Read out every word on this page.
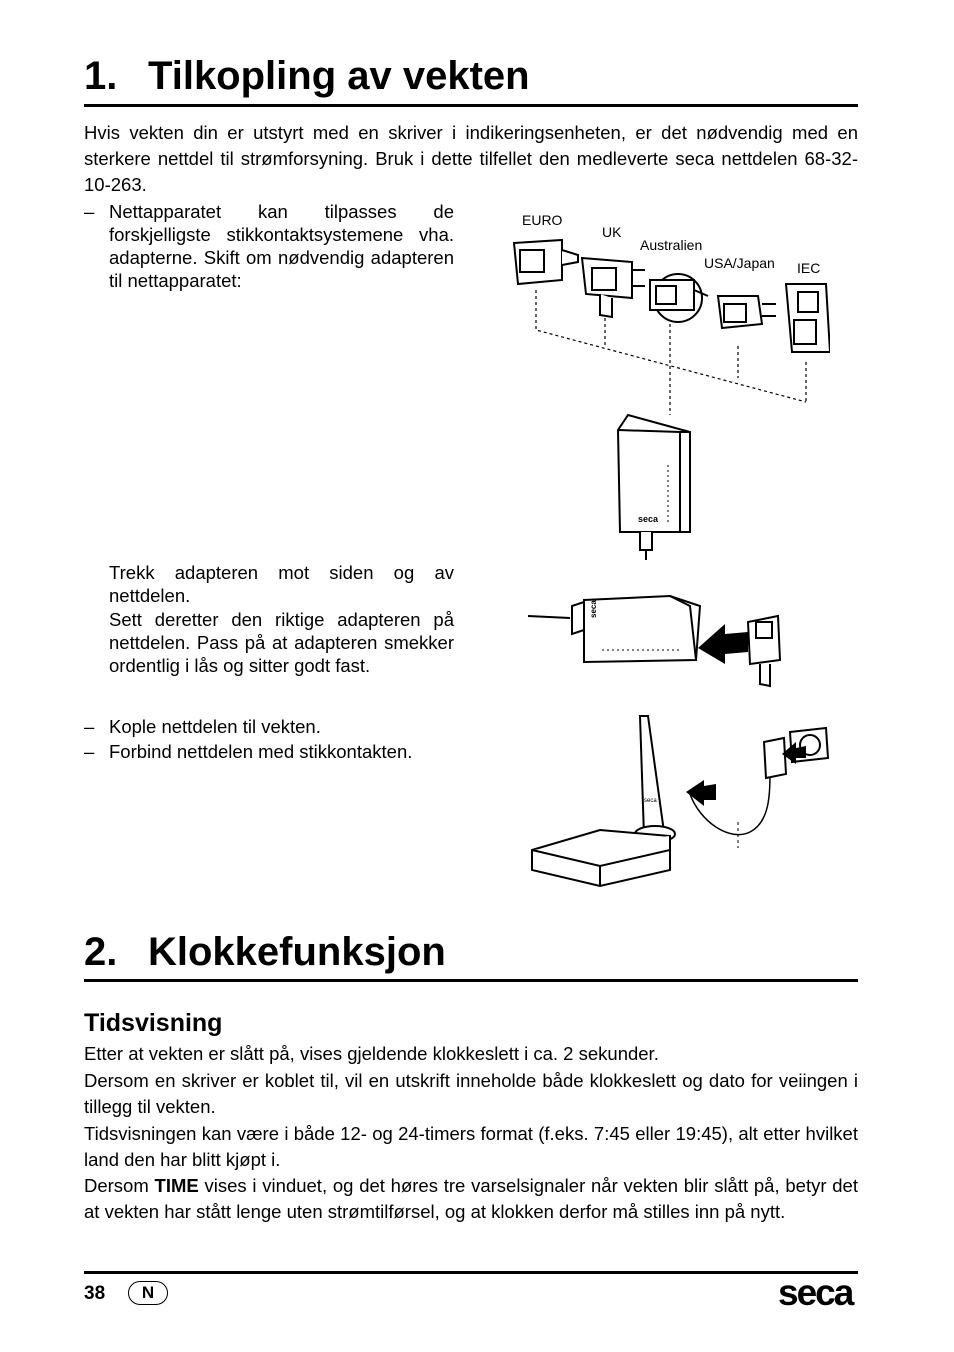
1. Tilkopling av vekten
Hvis vekten din er utstyrt med en skriver i indikeringsenheten, er det nødvendig med en sterkere nettdel til strømforsyning. Bruk i dette tilfellet den medleverte seca nettdelen 68-32-10-263.
– Nettapparatet kan tilpasses de forskjelligste stikkontaktsystemene vha. adapterne. Skift om nødvendig adapteren til nettapparatet:
Trekk adapteren mot siden og av nettdelen.
Sett deretter den riktige adapteren på nettdelen. Pass på at adapteren smekker ordentlig i lås og sitter godt fast.
– Kople nettdelen til vekten.
– Forbind nettdelen med stikkontakten.
EURO
UK
Australien
USA/Japan IEC
seca
seca
seca
2. Klokkefunksjon
Tidsvisning
Etter at vekten er slått på, vises gjeldende klokkeslett i ca. 2 sekunder.
Dersom en skriver er koblet til, vil en utskrift inneholde både klokkeslett og dato for veiingen i tillegg til vekten.
Tidsvisningen kan være i både 12- og 24-timers format (f.eks. 7:45 eller 19:45), alt etter hvilket land den har blitt kjøpt i.
Dersom TIME vises i vinduet, og det høres tre varselsignaler når vekten blir slått på, betyr det at vekten har stått lenge uten strømtilførsel, og at klokken derfor må stilles inn på nytt.
38	N	seca
